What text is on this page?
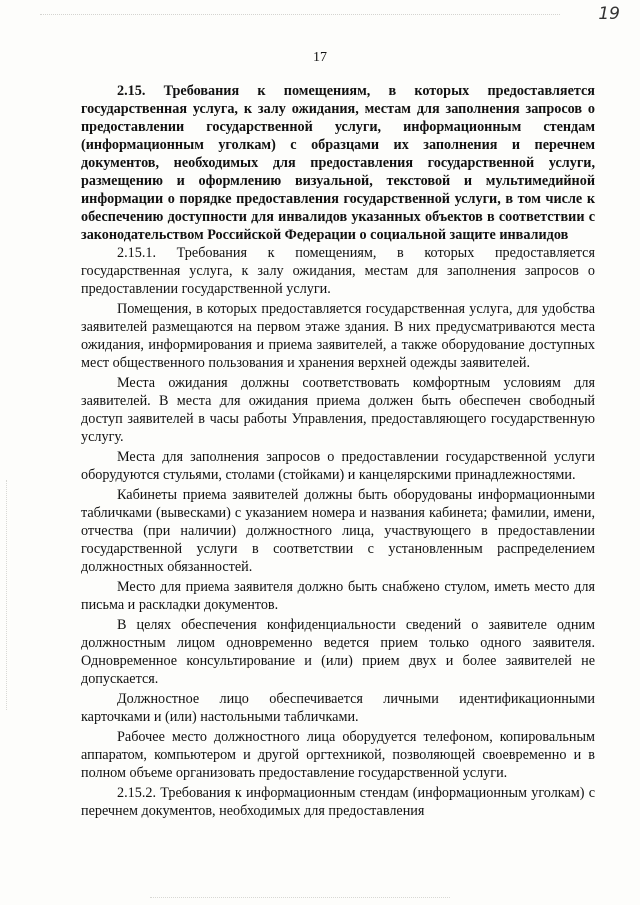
19
17

2.15. Требования к помещениям, в которых предоставляется государственная услуга, к залу ожидания, местам для заполнения запросов о предоставлении государственной услуги, информационным стендам (информационным уголкам) с образцами их заполнения и перечнем документов, необходимых для предоставления государственной услуги, размещению и оформлению визуальной, текстовой и мультимедийной информации о порядке предоставления государственной услуги, в том числе к обеспечению доступности для инвалидов указанных объектов в соответствии с законодательством Российской Федерации о социальной защите инвалидов

2.15.1. Требования к помещениям, в которых предоставляется государственная услуга, к залу ожидания, местам для заполнения запросов о предоставлении государственной услуги.

Помещения, в которых предоставляется государственная услуга, для удобства заявителей размещаются на первом этаже здания. В них предусматриваются места ожидания, информирования и приема заявителей, а также оборудование доступных мест общественного пользования и хранения верхней одежды заявителей.

Места ожидания должны соответствовать комфортным условиям для заявителей. В места для ожидания приема должен быть обеспечен свободный доступ заявителей в часы работы Управления, предоставляющего государственную услугу.

Места для заполнения запросов о предоставлении государственной услуги оборудуются стульями, столами (стойками) и канцелярскими принадлежностями.

Кабинеты приема заявителей должны быть оборудованы информационными табличками (вывесками) с указанием номера и названия кабинета; фамилии, имени, отчества (при наличии) должностного лица, участвующего в предоставлении государственной услуги в соответствии с установленным распределением должностных обязанностей.

Место для приема заявителя должно быть снабжено стулом, иметь место для письма и раскладки документов.

В целях обеспечения конфиденциальности сведений о заявителе одним должностным лицом одновременно ведется прием только одного заявителя. Одновременное консультирование и (или) прием двух и более заявителей не допускается.

Должностное лицо обеспечивается личными идентификационными карточками и (или) настольными табличками.

Рабочее место должностного лица оборудуется телефоном, копировальным аппаратом, компьютером и другой оргтехникой, позволяющей своевременно и в полном объеме организовать предоставление государственной услуги.

2.15.2. Требования к информационным стендам (информационным уголкам) с перечнем документов, необходимых для предоставления
